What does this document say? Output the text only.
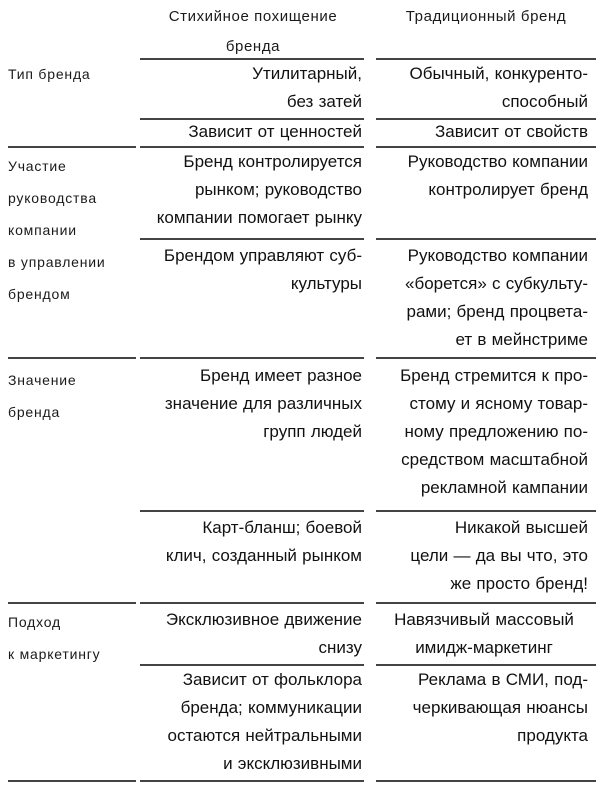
Стихийное похищение
бренда
Традиционный бренд
Тип бренда	Утилитарный,
без затей
Обычный, конкуренто-
способный
Зависит от ценностей	Зависит от свойств
Участие
руководства
компании
в управлении
брендом
Бренд контролируется
рынком; руководство
компании помогает рынку
Руководство компании
контролирует бренд
Брендом управляют суб-
культуры
Руководство компании
«борется» с субкульту-
рами; бренд процвета-
ет в мейнстриме
Значение
бренда
Бренд имеет разное
значение для различных
групп людей
Бренд стремится к про-
стому и ясному товар-
ному предложению по-
средством масштабной
рекламной кампании
Карт-бланш; боевой
клич, созданный рынком
Никакой высшей
цели — да вы что, это
же просто бренд!
Подход
к маркетингу
Эксклюзивное движение
снизу
Навязчивый массовый
имидж-маркетинг
Зависит от фольклора
бренда; коммуникации
остаются нейтральными
и эксклюзивными
Реклама в СМИ, под-
черкивающая нюансы
продукта
